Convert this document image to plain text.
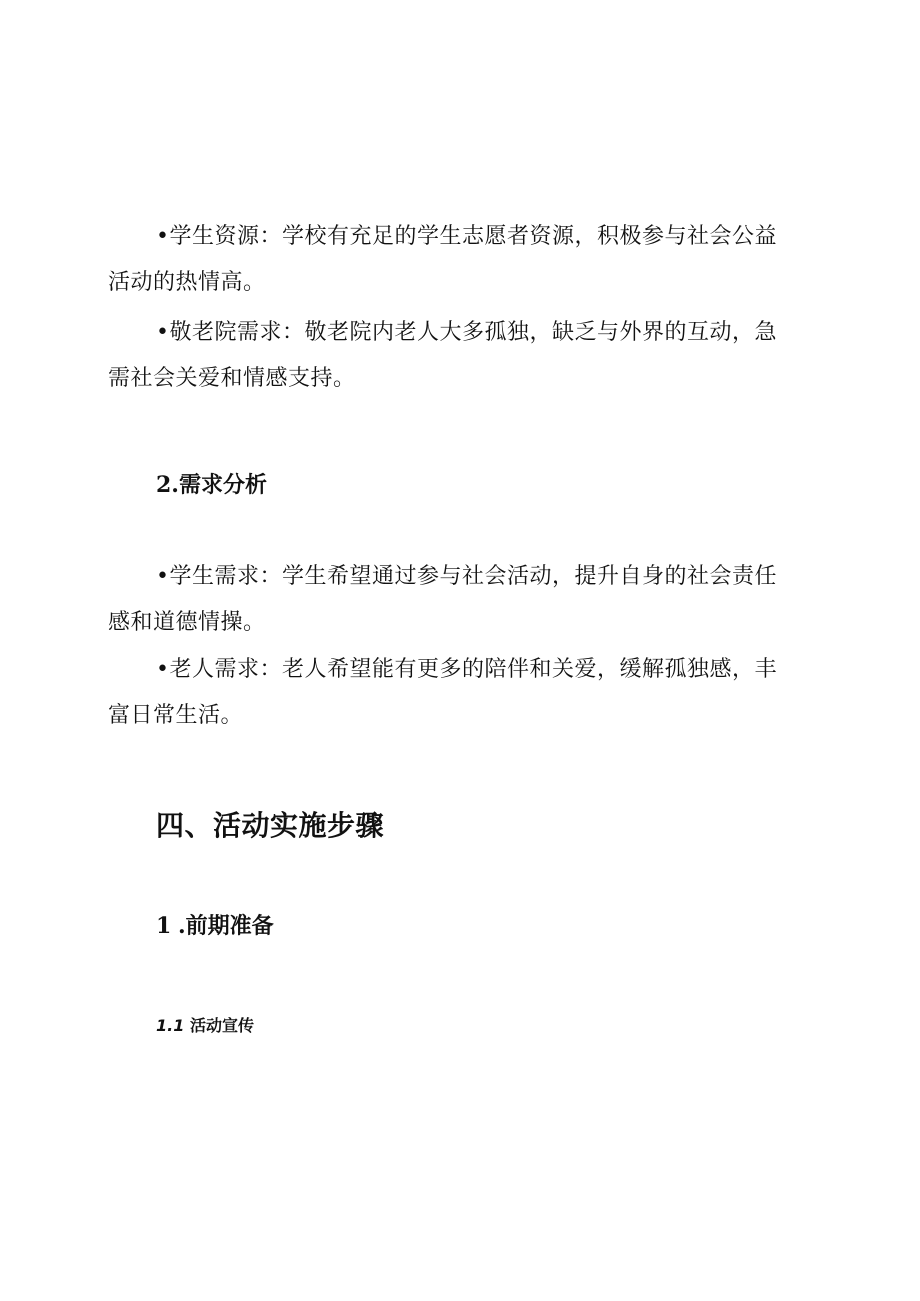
•学生资源：学校有充足的学生志愿者资源，积极参与社会公益活动的热情高。

•敬老院需求：敬老院内老人大多孤独，缺乏与外界的互动，急需社会关爱和情感支持。

2.需求分析

•学生需求：学生希望通过参与社会活动，提升自身的社会责任感和道德情操。

•老人需求：老人希望能有更多的陪伴和关爱，缓解孤独感，丰富日常生活。

四、活动实施步骤
1 .前期准备
1.1 活动宣传
